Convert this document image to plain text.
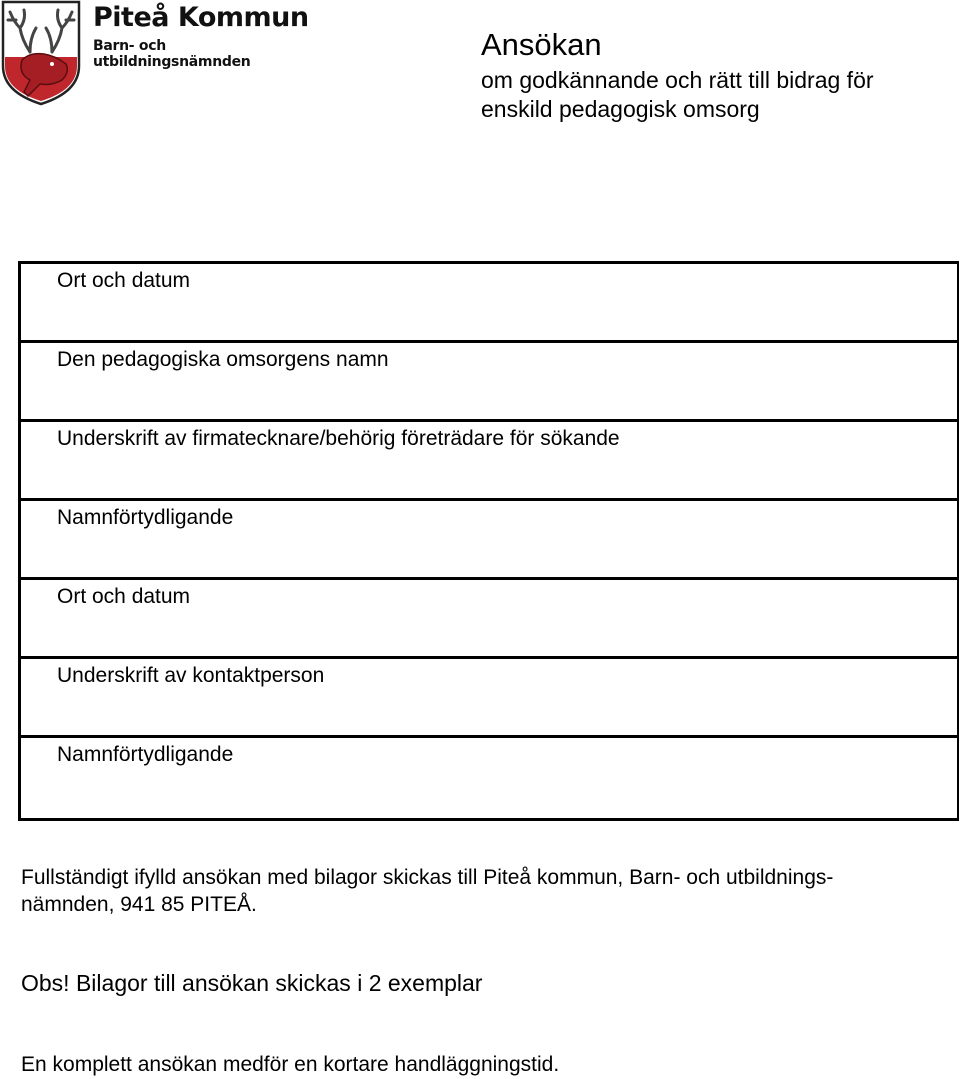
Piteå Kommun
Barn- och utbildningsnämnden	Ansökan
om godkännande och rätt till bidrag för enskild pedagogisk omsorg
Ort och datum
Den pedagogiska omsorgens namn
Underskrift av firmatecknare/behörig företrädare för sökande
Namnförtydligande
Ort och datum
Underskrift av kontaktperson
Namnförtydligande
Fullständigt ifylld ansökan med bilagor skickas till Piteå kommun, Barn- och utbildnings-
nämnden, 941 85 PITEÅ.
Obs! Bilagor till ansökan skickas i 2 exemplar
En komplett ansökan medför en kortare handläggningstid.
